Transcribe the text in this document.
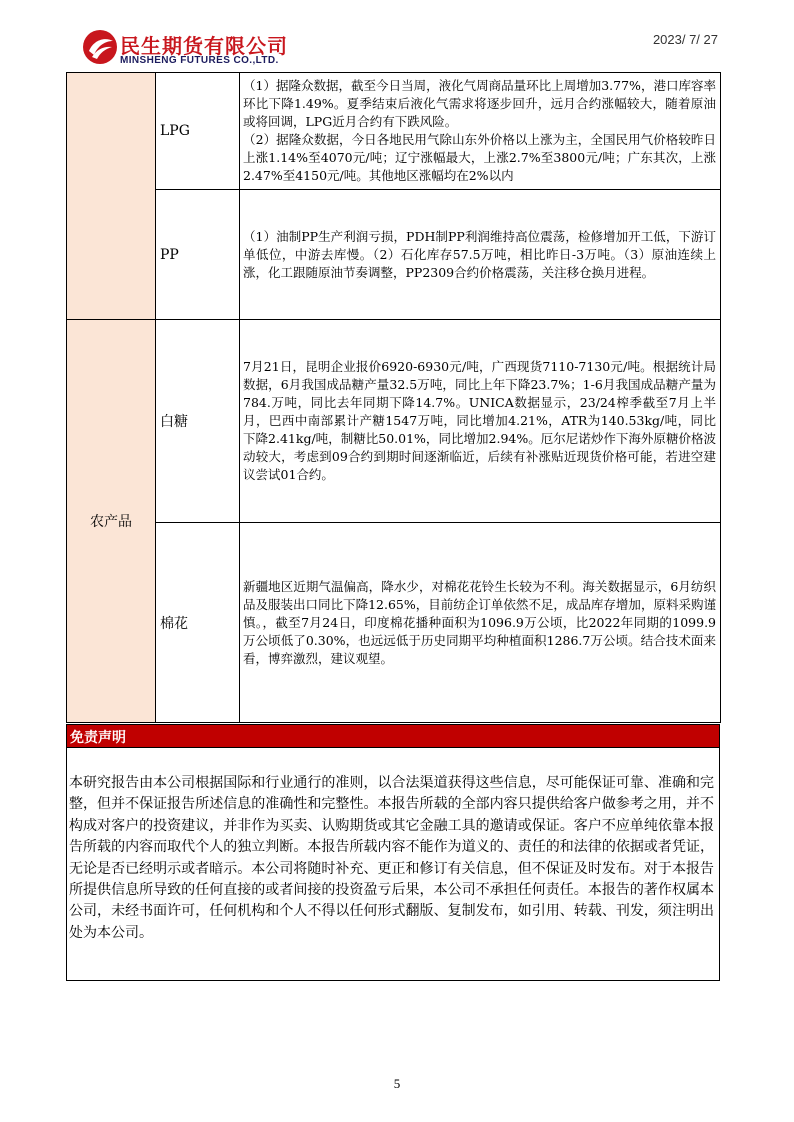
民生期货有限公司
MINSHENG FUTURES CO.,LTD.
2023/ 7/ 27
	LPG	（1）据隆众数据，截至今日当周，液化气周商品量环比上周增加3.77%，港口库容率环比下降1.49%。夏季结束后液化气需求将逐步回升，远月合约涨幅较大，随着原油或将回调，LPG近月合约有下跌风险。

（2）据隆众数据，今日各地民用气除山东外价格以上涨为主，全国民用气价格较昨日上涨1.14%至4070元/吨；辽宁涨幅最大，上涨2.7%至3800元/吨；广东其次，上涨2.47%至4150元/吨。其他地区涨幅均在2%以内

	PP	（1）油制PP生产利润亏损，PDH制PP利润维持高位震荡，检修增加开工低，下游订单低位，中游去库慢。（2）石化库存57.5万吨，相比昨日-3万吨。（3）原油连续上涨，化工跟随原油节奏调整，PP2309合约价格震荡，关注移仓换月进程。

农产品	白糖	7月21日，昆明企业报价6920-6930元/吨，广西现货7110-7130元/吨。根据统计局数据，6月我国成品糖产量32.5万吨，同比上年下降23.7%；1-6月我国成品糖产量为784.万吨，同比去年同期下降14.7%。UNICA数据显示，23/24榨季截至7月上半月，巴西中南部累计产糖1547万吨，同比增加4.21%，ATR为140.53kg/吨，同比下降2.41kg/吨，制糖比50.01%，同比增加2.94%。厄尔尼诺炒作下海外原糖价格波动较大，考虑到09合约到期时间逐渐临近，后续有补涨贴近现货价格可能，若进空建议尝试01合约。

	棉花	新疆地区近期气温偏高，降水少，对棉花花铃生长较为不利。海关数据显示，6月纺织品及服装出口同比下降12.65%，目前纺企订单依然不足，成品库存增加，原料采购谨慎。，截至7月24日，印度棉花播种面积为1096.9万公顷，比2022年同期的1099.9万公顷低了0.30%，也远远低于历史同期平均种植面积1286.7万公顷。结合技术面来看，博弈激烈，建议观望。

免责声明
本研究报告由本公司根据国际和行业通行的准则，以合法渠道获得这些信息，尽可能保证可靠、准确和完整，但并不保证报告所述信息的准确性和完整性。本报告所载的全部内容只提供给客户做参考之用，并不构成对客户的投资建议，并非作为买卖、认购期货或其它金融工具的邀请或保证。客户不应单纯依靠本报告所载的内容而取代个人的独立判断。本报告所载内容不能作为道义的、责任的和法律的依据或者凭证，无论是否已经明示或者暗示。本公司将随时补充、更正和修订有关信息，但不保证及时发布。对于本报告所提供信息所导致的任何直接的或者间接的投资盈亏后果，本公司不承担任何责任。本报告的著作权属本公司，未经书面许可，任何机构和个人不得以任何形式翻版、复制发布，如引用、转载、刊发，须注明出处为本公司。
5
